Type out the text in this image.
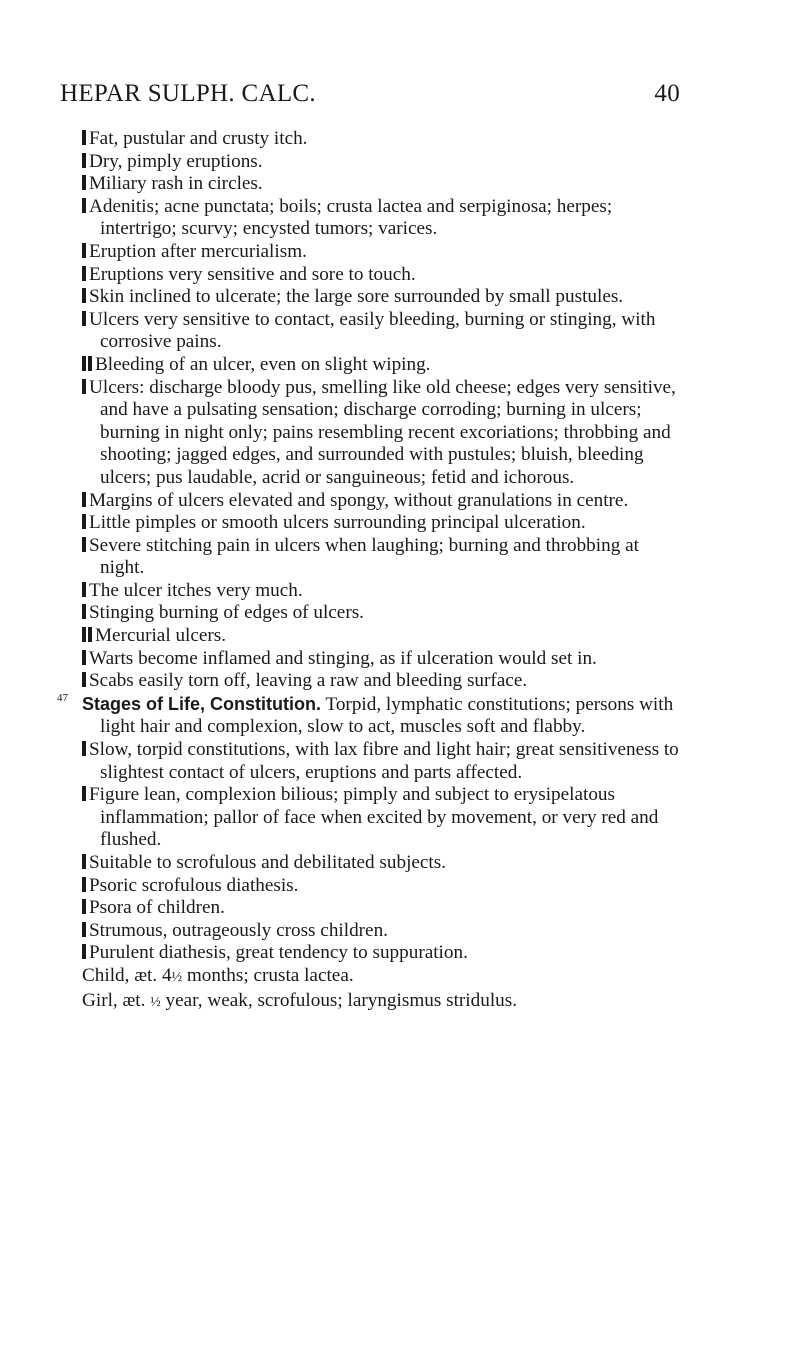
HEPAR SULPH. CALC.	40

Fat, pustular and crusty itch.

Dry, pimply eruptions.

Miliary rash in circles.

Adenitis; acne punctata; boils; crusta lactea and serpiginosa; herpes; intertrigo; scurvy; encysted tumors; varices.

Eruption after mercurialism.

Eruptions very sensitive and sore to touch.

Skin inclined to ulcerate; the large sore surrounded by small pustules.

Ulcers very sensitive to contact, easily bleeding, burning or stinging, with corrosive pains.

Bleeding of an ulcer, even on slight wiping.

Ulcers: discharge bloody pus, smelling like old cheese; edges very sensitive, and have a pulsating sensation; discharge corroding; burning in ulcers; burning in night only; pains resembling recent excoriations; throbbing and shooting; jagged edges, and surrounded with pustules; bluish, bleeding ulcers; pus laudable, acrid or sanguineous; fetid and ichorous.

Margins of ulcers elevated and spongy, without granulations in centre.

Little pimples or smooth ulcers surrounding principal ulceration.

Severe stitching pain in ulcers when laughing; burning and throbbing at night.

The ulcer itches very much.

Stinging burning of edges of ulcers.

Mercurial ulcers.

Warts become inflamed and stinging, as if ulceration would set in.

Scabs easily torn off, leaving a raw and bleeding surface.

47 Stages of Life, Constitution. Torpid, lymphatic constitutions; persons with light hair and complexion, slow to act, muscles soft and flabby.

Slow, torpid constitutions, with lax fibre and light hair; great sensitiveness to slightest contact of ulcers, eruptions and parts affected.

Figure lean, complexion bilious; pimply and subject to erysipelatous inflammation; pallor of face when excited by movement, or very red and flushed.

Suitable to scrofulous and debilitated subjects.

Psoric scrofulous diathesis.

Psora of children.

Strumous, outrageously cross children.

Purulent diathesis, great tendency to suppuration.

Child, æt. 4½ months; crusta lactea.

Girl, æt. ½ year, weak, scrofulous; laryngismus stridulus.
